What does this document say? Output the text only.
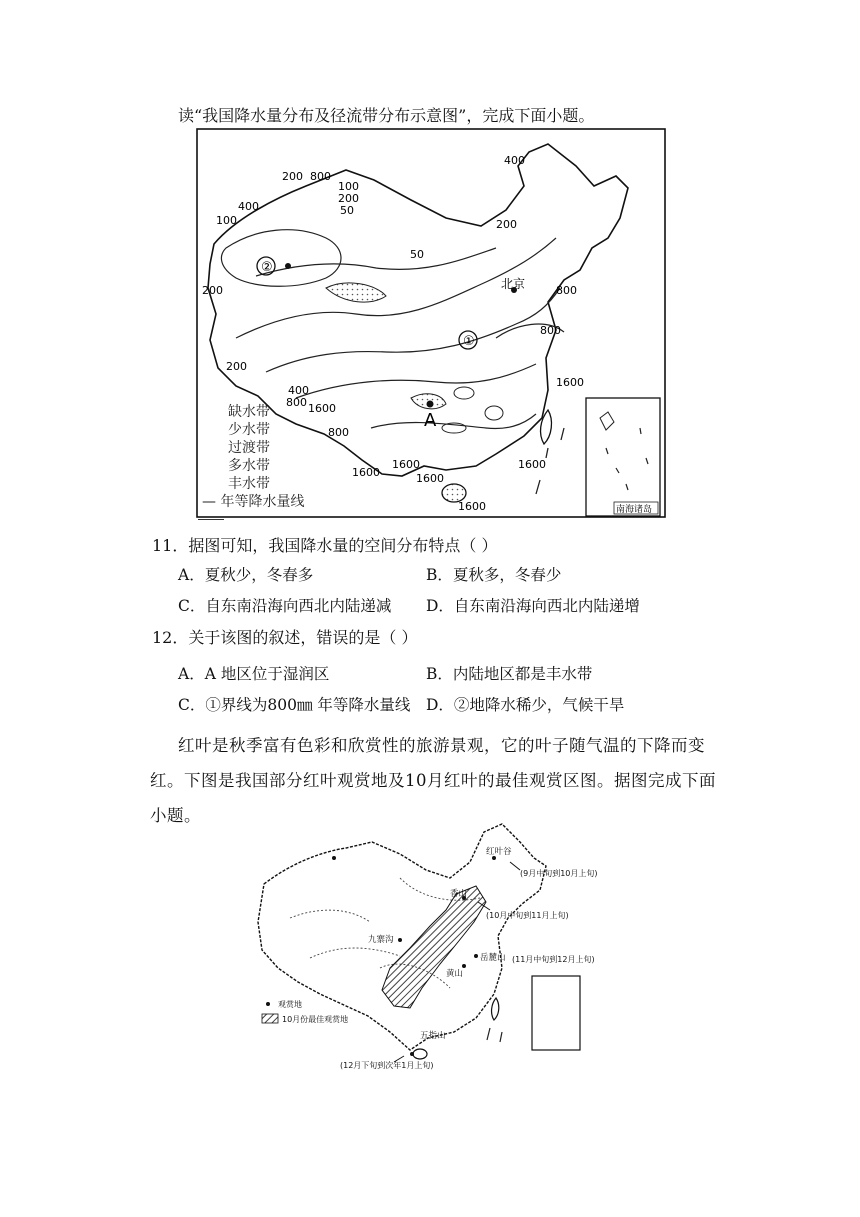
读“我国降水量分布及径流带分布示意图”，完成下面小题。
400
200 800
100
200
50
400
100
50
200
200	800
800
200
1600
400
800 1600
800
1600
1600	1600
1600
1600
②
北京
①
A
南海诸岛
缺水带
少水带
过渡带
多水带
丰水带
— 年等降水量线
11．据图可知，我国降水量的空间分布特点（ ）
A．夏秋少，冬春多	B．夏秋多，冬春少
C．自东南沿海向西北内陆递减 D．自东南沿海向西北内陆递增
12．关于该图的叙述，错误的是（ ）
A．A 地区位于湿润区	B．内陆地区都是丰水带
C．①界线为800㎜ 年等降水量线 D．②地降水稀少，气候干旱
红叶是秋季富有色彩和欣赏性的旅游景观，它的叶子随气温的下降而变
红。下图是我国部分红叶观赏地及10月红叶的最佳观赏区图。据图完成下面
小题。
红叶谷
香山
九寨沟
岳麓山
黄山
五指山
(9月中旬到10月上旬)
(10月中旬到11月上旬)
(11月中旬到12月上旬)
(12月下旬到次年1月上旬)
观赏地
10月份最佳观赏地
